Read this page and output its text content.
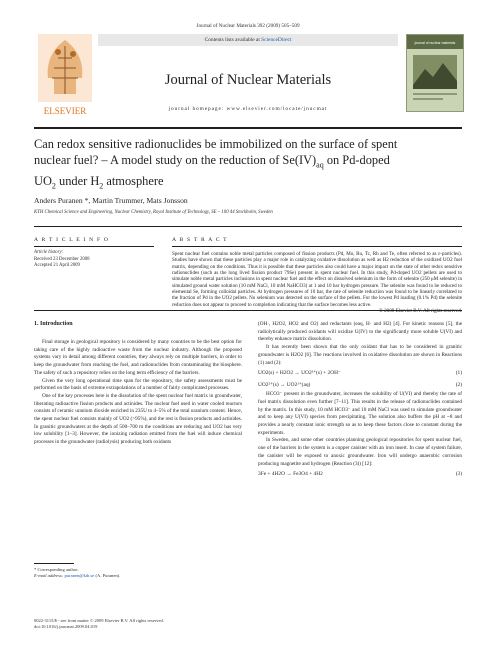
Journal of Nuclear Materials 392 (2009) 505–509
ELSEVIER
Contents lists available at ScienceDirect
Journal of Nuclear Materials
journal homepage: www.elsevier.com/locate/jnucmat
journal of nuclear materials
Can redox sensitive radionuclides be immobilized on the surface of spent
nuclear fuel? – A model study on the reduction of $Se(IV)_{aq}$ on Pd-doped
$UO_2$ under $H_2$ atmosphere
Anders Puranen *, Martin Trummer, Mats Jonsson
KTH Chemical Science and Engineering, Nuclear Chemistry, Royal Institute of Technology, SE – 100 44 Stockholm, Sweden
A R T I C L E I N F O	A B S T R A C T
Article history:
Received 23 December 2008
Accepted 21 April 2009
Spent nuclear fuel contains noble metal particles composed of fission products (Pd, Mo, Ru, Tc, Rh and Te, often referred to as ε-particles). Studies have shown that these particles play a major role in catalyzing oxidative dissolution as well as H2 reduction of the oxidized UO2 fuel matrix, depending on the conditions. Thus it is possible that these particles also could have a major impact on the state of other redox sensitive radionuclides (such as the long lived fission product 79Se) present in spent nuclear fuel. In this study, Pd-doped UO2 pellets are used to simulate noble metal particles inclusions in spent nuclear fuel and the effect on dissolved selenium in the form of selenite (250 μM selenite) in simulated ground water solution (10 mM NaCl, 10 mM NaHCO3) at 1 and 10 bar hydrogen pressure. The selenite was found to be reduced to elemental Se, forming colloidal particles. At hydrogen pressures of 10 bar, the rate of selenite reduction was found to be linearly correlated to the fraction of Pd in the UO2 pellets. No selenium was detected on the surface of the pellets. For the lowest Pd loading (0.1% Pd) the selenite reduction does not appear to proceed to completion indicating that the surface becomes less active.
© 2009 Elsevier B.V. All rights reserved.
1. Introduction

Final storage in geological repository is considered by many countries to be the best option for taking care of the highly radioactive waste from the nuclear industry. Although the proposed systems vary in detail among different countries, they always rely on multiple barriers, in order to keep the groundwater from reaching the fuel, and radionuclides from contaminating the biosphere. The safety of such a repository relies on the long term efficiency of the barriers.

Given the very long operational time span for the repository, the safety assessments must be performed on the basis of extreme extrapolations of a number of fairly complicated processes.

One of the key processes here is the dissolution of the spent nuclear fuel matrix in groundwater, liberating radioactive fission products and actinides. The nuclear fuel used in water cooled reactors consists of ceramic uranium dioxide enriched in 235U to 4–5% of the total uranium content. Hence, the spent nuclear fuel consists mainly of UO2 (>95%), and the rest is fission products and actinides. In granitic groundwaters at the depth of 500–700 m the conditions are reducing and UO2 has very low solubility [1–3]. However, the ionizing radiation emitted from the fuel will induce chemical processes in the groundwater (radiolysis) producing both oxidants

(OH·, H2O2, HO2 and O2) and reductants (eaq, H· and H2) [4]. For kinetic reasons [5], the radiolytically produced oxidants will oxidize U(IV) to the significantly more soluble U(VI) and thereby enhance matrix dissolution.

It has recently been shown that the only oxidant that has to be considered in granitic groundwater is H2O2 [6]. The reactions involved in oxidative dissolution are shown in Reactions (1) and (2):

UO2(s) + H2O2 → UO2²⁺(s) + 2OH⁻	(1)
UO2²⁺(s) → UO2²⁺(aq)	(2)

HCO3⁻ present in the groundwater, increases the solubility of U(VI) and thereby the rate of fuel matrix dissolution even further [7–11]. This results in the release of radionuclides contained by the matrix. In this study, 10 mM HCO3⁻ and 10 mM NaCl was used to simulate groundwater and to keep any U(VI) species from precipitating. The solution also buffers the pH at ~8 and provides a nearly constant ionic strength so as to keep these factors close to constant during the experiments.

In Sweden, and some other countries planning geological repositories for spent nuclear fuel, one of the barriers in the system is a copper canister with an iron insert. In case of system failure, the canister will be exposed to anoxic groundwater. Iron will undergo anaerobic corrosion producing magnetite and hydrogen (Reaction (3)) [12]:

3Fe + 4H2O → Fe3O4 + 4H2	(3)
* Corresponding author.
E-mail address: puranen@kth.se (A. Puranen).
0022-3115/$ - see front matter © 2009 Elsevier B.V. All rights reserved.
doi:10.1016/j.jnucmat.2009.04.019
